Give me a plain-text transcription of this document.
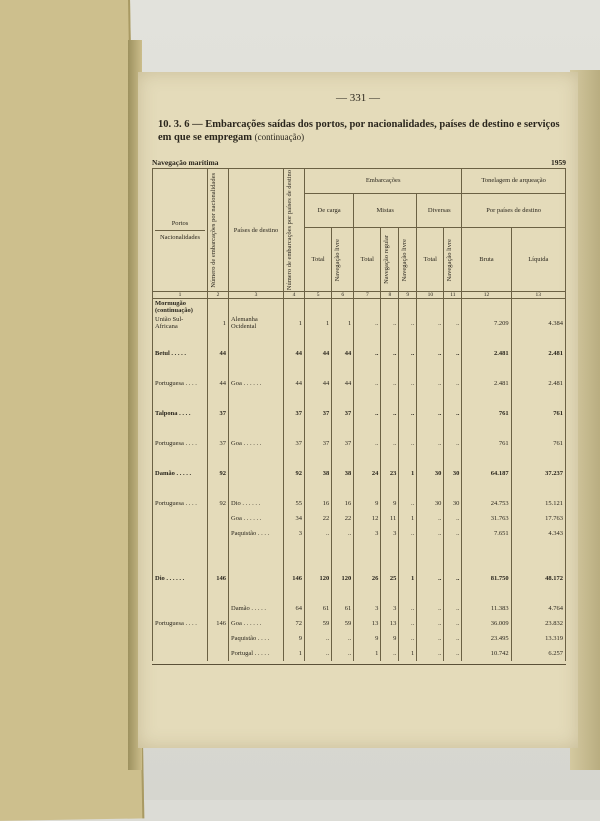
— 331 —
10. 3. 6 — Embarcações saídas dos portos, por nacionalidades, países de destino e serviços em que se empregam (continuação)
Navegação marítima	1959
Portos
Nacionalidades	Número de embarcações por nacionalidades	Países de destino	Número de embarcações por países de destino	Embarcações							Tonelagem de arqueação	
				De carga		Mistas			Diversas		Por países de destino	
				Total	Navegação livre	Total	Navegação regular	Navegação livre	Total	Navegação livre	Bruta	Líquida
1	2	3	4	5	6	7	8	9	10	11	12	13
Mormugão (continuação)												
União Sul-Africana	1	Alemanha Ocidental	1	1	1	..	..	..	..	..	7.209	4.384

Betul . . . . .	44		44	44	44	..	..	..	..	..	2.481	2.481

Portuguesa . . . .	44	Goa . . . . . .	44	44	44	..	..	..	..	..	2.481	2.481

Talpona . . . .	37		37	37	37	..	..	..	..	..	761	761

Portuguesa . . . .	37	Goa . . . . . .	37	37	37	..	..	..	..	..	761	761

Damão . . . . .	92		92	38	38	24	23	1	30	30	64.187	37.237

Portuguesa . . . .	92	Dio . . . . . .	55	16	16	9	9	..	30	30	24.753	15.121
		Goa . . . . . .	34	22	22	12	11	1	..	..	31.763	17.763
		Paquistão . . . .	3	..	..	3	3	..	..	..	7.651	4.343

Dio . . . . . .	146		146	120	120	26	25	1	..	..	81.750	48.172

		Damão . . . . .	64	61	61	3	3	..	..	..	11.383	4.764
Portuguesa . . . .	146	Goa . . . . . .	72	59	59	13	13	..	..	..	36.009	23.832
		Paquistão . . . .	9	..	..	9	9	..	..	..	23.495	13.319
		Portugal . . . . .	1	..	..	1	..	1	..	..	10.742	6.257
